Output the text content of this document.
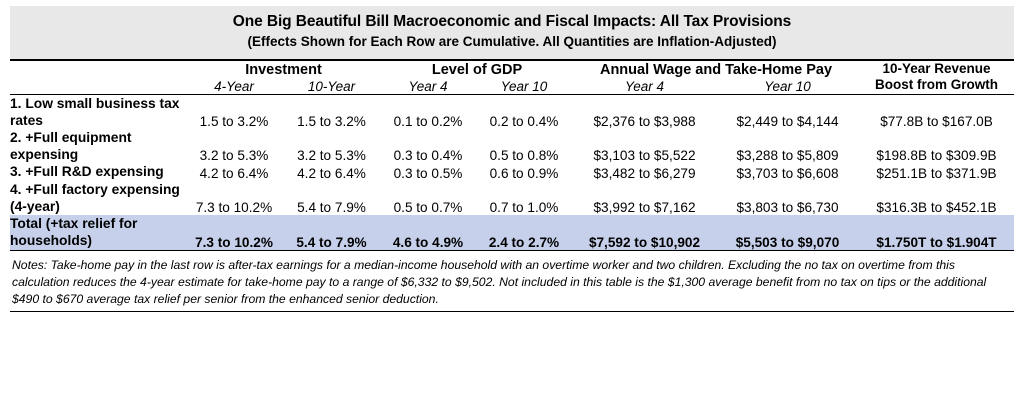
One Big Beautiful Bill Macroeconomic and Fiscal Impacts: All Tax Provisions
(Effects Shown for Each Row are Cumulative. All Quantities are Inflation-Adjusted)
	Investment		Level of GDP		Annual Wage and Take-Home Pay		10-Year Revenue
Boost from Growth
	4-Year	10-Year	Year 4	Year 10	Year 4	Year 10	
1. Low small business tax rates	1.5 to 3.2%	1.5 to 3.2%	0.1 to 0.2%	0.2 to 0.4%	$2,376 to $3,988	$2,449 to $4,144	$77.8B to $167.0B
2. +Full equipment expensing	3.2 to 5.3%	3.2 to 5.3%	0.3 to 0.4%	0.5 to 0.8%	$3,103 to $5,522	$3,288 to $5,809	$198.8B to $309.9B
3. +Full R&D expensing	4.2 to 6.4%	4.2 to 6.4%	0.3 to 0.5%	0.6 to 0.9%	$3,482 to $6,279	$3,703 to $6,608	$251.1B to $371.9B
4. +Full factory expensing (4-year)	7.3 to 10.2%	5.4 to 7.9%	0.5 to 0.7%	0.7 to 1.0%	$3,992 to $7,162	$3,803 to $6,730	$316.3B to $452.1B
Total (+tax relief for households)	7.3 to 10.2%	5.4 to 7.9%	4.6 to 4.9%	2.4 to 2.7%	$7,592 to $10,902	$5,503 to $9,070	$1.750T to $1.904T
Notes: Take-home pay in the last row is after-tax earnings for a median-income household with an overtime worker and two children. Excluding the no tax on overtime from this calculation reduces the 4-year estimate for take-home pay to a range of $6,332 to $9,502. Not included in this table is the $1,300 average benefit from no tax on tips or the additional $490 to $670 average tax relief per senior from the enhanced senior deduction.
